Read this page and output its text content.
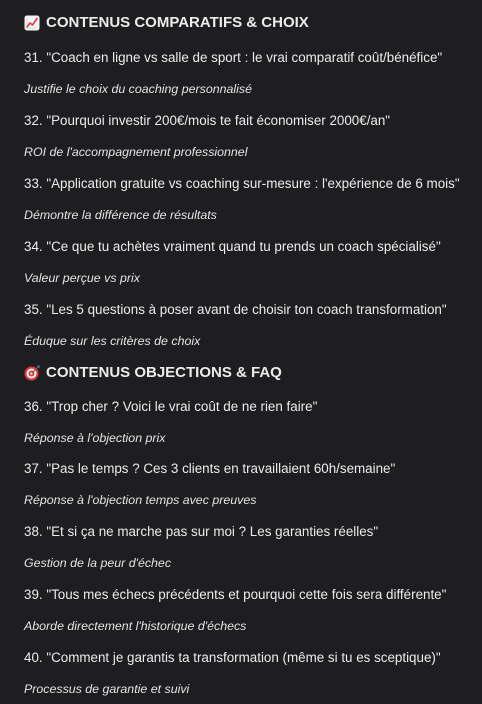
CONTENUS COMPARATIFS & CHOIX
31. "Coach en ligne vs salle de sport : le vrai comparatif coût/bénéfice"
Justifie le choix du coaching personnalisé
32. "Pourquoi investir 200€/mois te fait économiser 2000€/an"
ROI de l'accompagnement professionnel
33. "Application gratuite vs coaching sur-mesure : l'expérience de 6 mois"
Démontre la différence de résultats
34. "Ce que tu achètes vraiment quand tu prends un coach spécialisé"
Valeur perçue vs prix
35. "Les 5 questions à poser avant de choisir ton coach transformation"
Éduque sur les critères de choix
CONTENUS OBJECTIONS & FAQ
36. "Trop cher ? Voici le vrai coût de ne rien faire"
Réponse à l'objection prix
37. "Pas le temps ? Ces 3 clients en travaillaient 60h/semaine"
Réponse à l'objection temps avec preuves
38. "Et si ça ne marche pas sur moi ? Les garanties réelles"
Gestion de la peur d'échec
39. "Tous mes échecs précédents et pourquoi cette fois sera différente"
Aborde directement l'historique d'échecs
40. "Comment je garantis ta transformation (même si tu es sceptique)"
Processus de garantie et suivi
